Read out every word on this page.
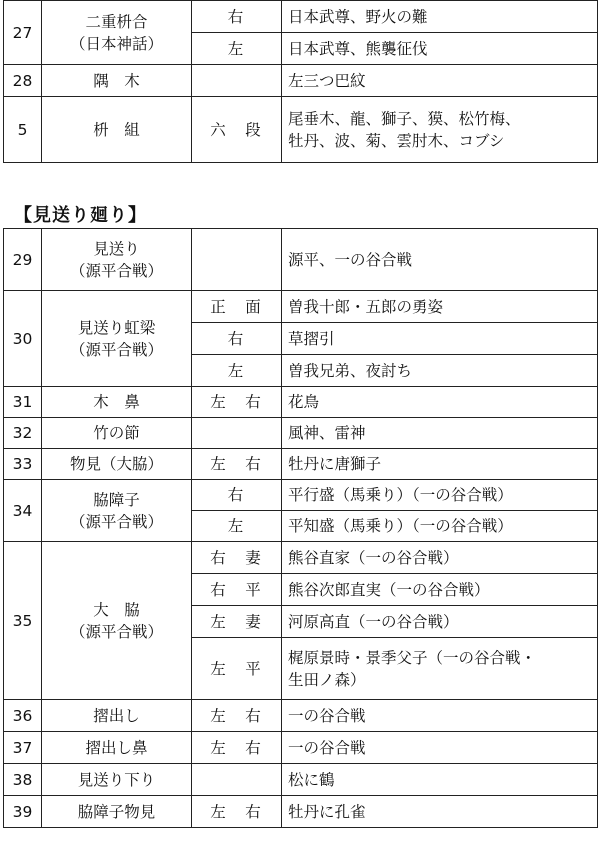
27	二重枡合
（日本神話）	右	日本武尊、野火の難
		左	日本武尊、熊襲征伐
28	隅　木		左三つ巴紋
5	枡　組	六　段	尾垂木、龍、獅子、獏、松竹梅、
牡丹、波、菊、雲肘木、コブシ
【見送り廻り】
29	見送り
（源平合戦）		源平、一の谷合戦
30	見送り虹梁
（源平合戦）	正　面	曽我十郎・五郎の勇姿
		右	草摺引
		左	曽我兄弟、夜討ち
31	木　鼻	左　右	花鳥
32	竹の節		風神、雷神
33	物見（大脇）	左　右	牡丹に唐獅子
34	脇障子
（源平合戦）	右	平行盛（馬乗り）（一の谷合戦）
		左	平知盛（馬乗り）（一の谷合戦）
35	大　脇
（源平合戦）	右　妻	熊谷直家（一の谷合戦）
		右　平	熊谷次郎直実（一の谷合戦）
		左　妻	河原高直（一の谷合戦）
		左　平	梶原景時・景季父子（一の谷合戦・
生田ノ森）

36	摺出し	左　右	一の谷合戦
37	摺出し鼻	左　右	一の谷合戦
38	見送り下り		松に鶴
39	脇障子物見	左　右	牡丹に孔雀
